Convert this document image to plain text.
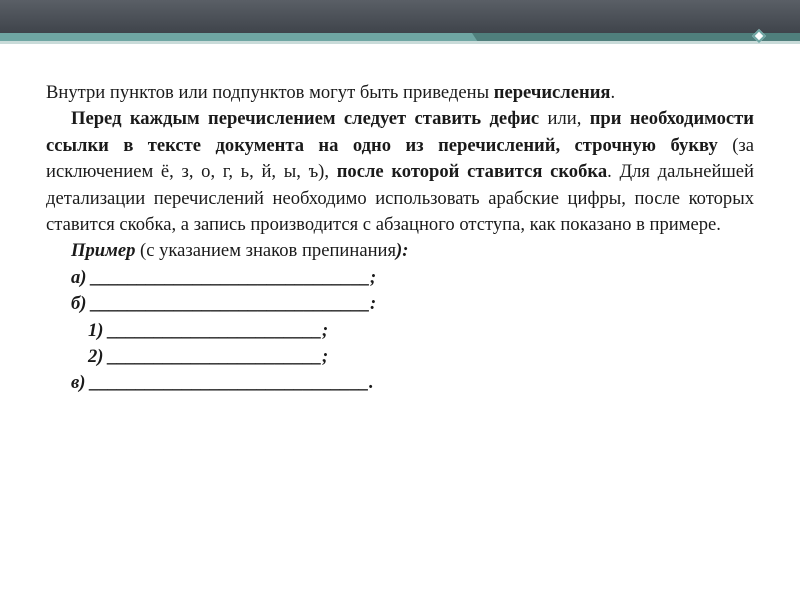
Внутри пунктов или подпунктов могут быть приведены перечисления.

Перед каждым перечислением следует ставить дефис или, при необходимости ссылки в тексте документа на одно из перечислений, строчную букву (за исключением ё, з, о, г, ь, й, ы, ъ), после которой ставится скобка. Для дальнейшей детализации перечислений необходимо использовать арабские цифры, после которых ставится скобка, а запись производится с абзацного отступа, как показано в примере.

Пример (с указанием знаков препинания):

а) ______________________________;

б) ______________________________:

1) _______________________;

2) _______________________;

в) ______________________________.
